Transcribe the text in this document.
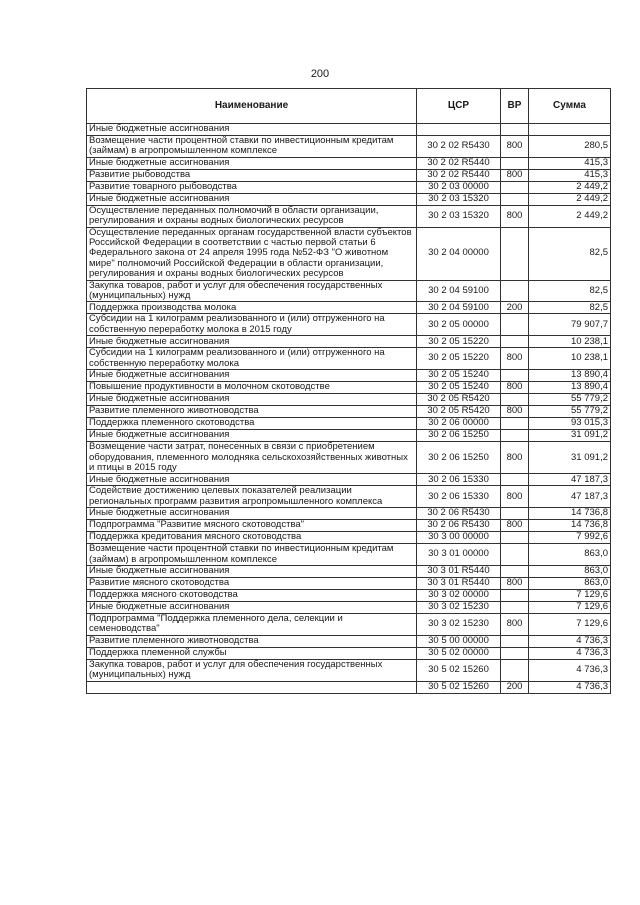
200
Наименование	ЦСР	ВР	Сумма
Иные бюджетные ассигнования			
Возмещение части процентной ставки по инвестиционным кредитам (займам) в агропромышленном комплексе	30 2 02 R5430	800	280,5
Иные бюджетные ассигнования	30 2 02 R5440		415,3
Развитие рыбоводства	30 2 02 R5440	800	415,3
Развитие товарного рыбоводства	30 2 03 00000		2 449,2
Иные бюджетные ассигнования	30 2 03 15320		2 449,2
Осуществление переданных полномочий в области организации, регулирования и охраны водных биологических ресурсов	30 2 03 15320	800	2 449,2
Осуществление переданных органам государственной власти субъектов Российской Федерации в соответствии с частью первой статьи 6 Федерального закона от 24 апреля 1995 года №52-ФЗ "О животном мире" полномочий Российской Федерации в области организации, регулирования и охраны водных биологических ресурсов	30 2 04 00000		82,5
Закупка товаров, работ и услуг для обеспечения государственных (муниципальных) нужд	30 2 04 59100		82,5
Поддержка производства молока	30 2 04 59100	200	82,5
Субсидии на 1 килограмм реализованного и (или) отгруженного на собственную переработку молока в 2015 году	30 2 05 00000		79 907,7
Иные бюджетные ассигнования	30 2 05 15220		10 238,1
Субсидии на 1 килограмм реализованного и (или) отгруженного на собственную переработку молока	30 2 05 15220	800	10 238,1
Иные бюджетные ассигнования	30 2 05 15240		13 890,4
Повышение продуктивности в молочном скотоводстве	30 2 05 15240	800	13 890,4
Иные бюджетные ассигнования	30 2 05 R5420		55 779,2
Развитие племенного животноводства	30 2 05 R5420	800	55 779,2
Поддержка племенного скотоводства	30 2 06 00000		93 015,3
Иные бюджетные ассигнования	30 2 06 15250		31 091,2
Возмещение части затрат, понесенных в связи с приобретением оборудования, племенного молодняка сельскохозяйственных животных и птицы в 2015 году	30 2 06 15250	800	31 091,2
Иные бюджетные ассигнования	30 2 06 15330		47 187,3
Содействие достижению целевых показателей реализации региональных программ развития агропромышленного комплекса	30 2 06 15330	800	47 187,3
Иные бюджетные ассигнования	30 2 06 R5430		14 736,8
Подпрограмма "Развитие мясного скотоводства"	30 2 06 R5430	800	14 736,8
Поддержка кредитования мясного скотоводства	30 3 00 00000		7 992,6
Возмещение части процентной ставки по инвестиционным кредитам (займам) в агропромышленном комплексе	30 3 01 00000		863,0
Иные бюджетные ассигнования	30 3 01 R5440		863,0
Развитие мясного скотоводства	30 3 01 R5440	800	863,0
Поддержка мясного скотоводства	30 3 02 00000		7 129,6
Иные бюджетные ассигнования	30 3 02 15230		7 129,6
Подпрограмма "Поддержка племенного дела, селекции и семеноводства"	30 3 02 15230	800	7 129,6
Развитие племенного животноводства	30 5 00 00000		4 736,3
Поддержка племенной службы	30 5 02 00000		4 736,3
Закупка товаров, работ и услуг для обеспечения государственных (муниципальных) нужд	30 5 02 15260		4 736,3
	30 5 02 15260	200	4 736,3
